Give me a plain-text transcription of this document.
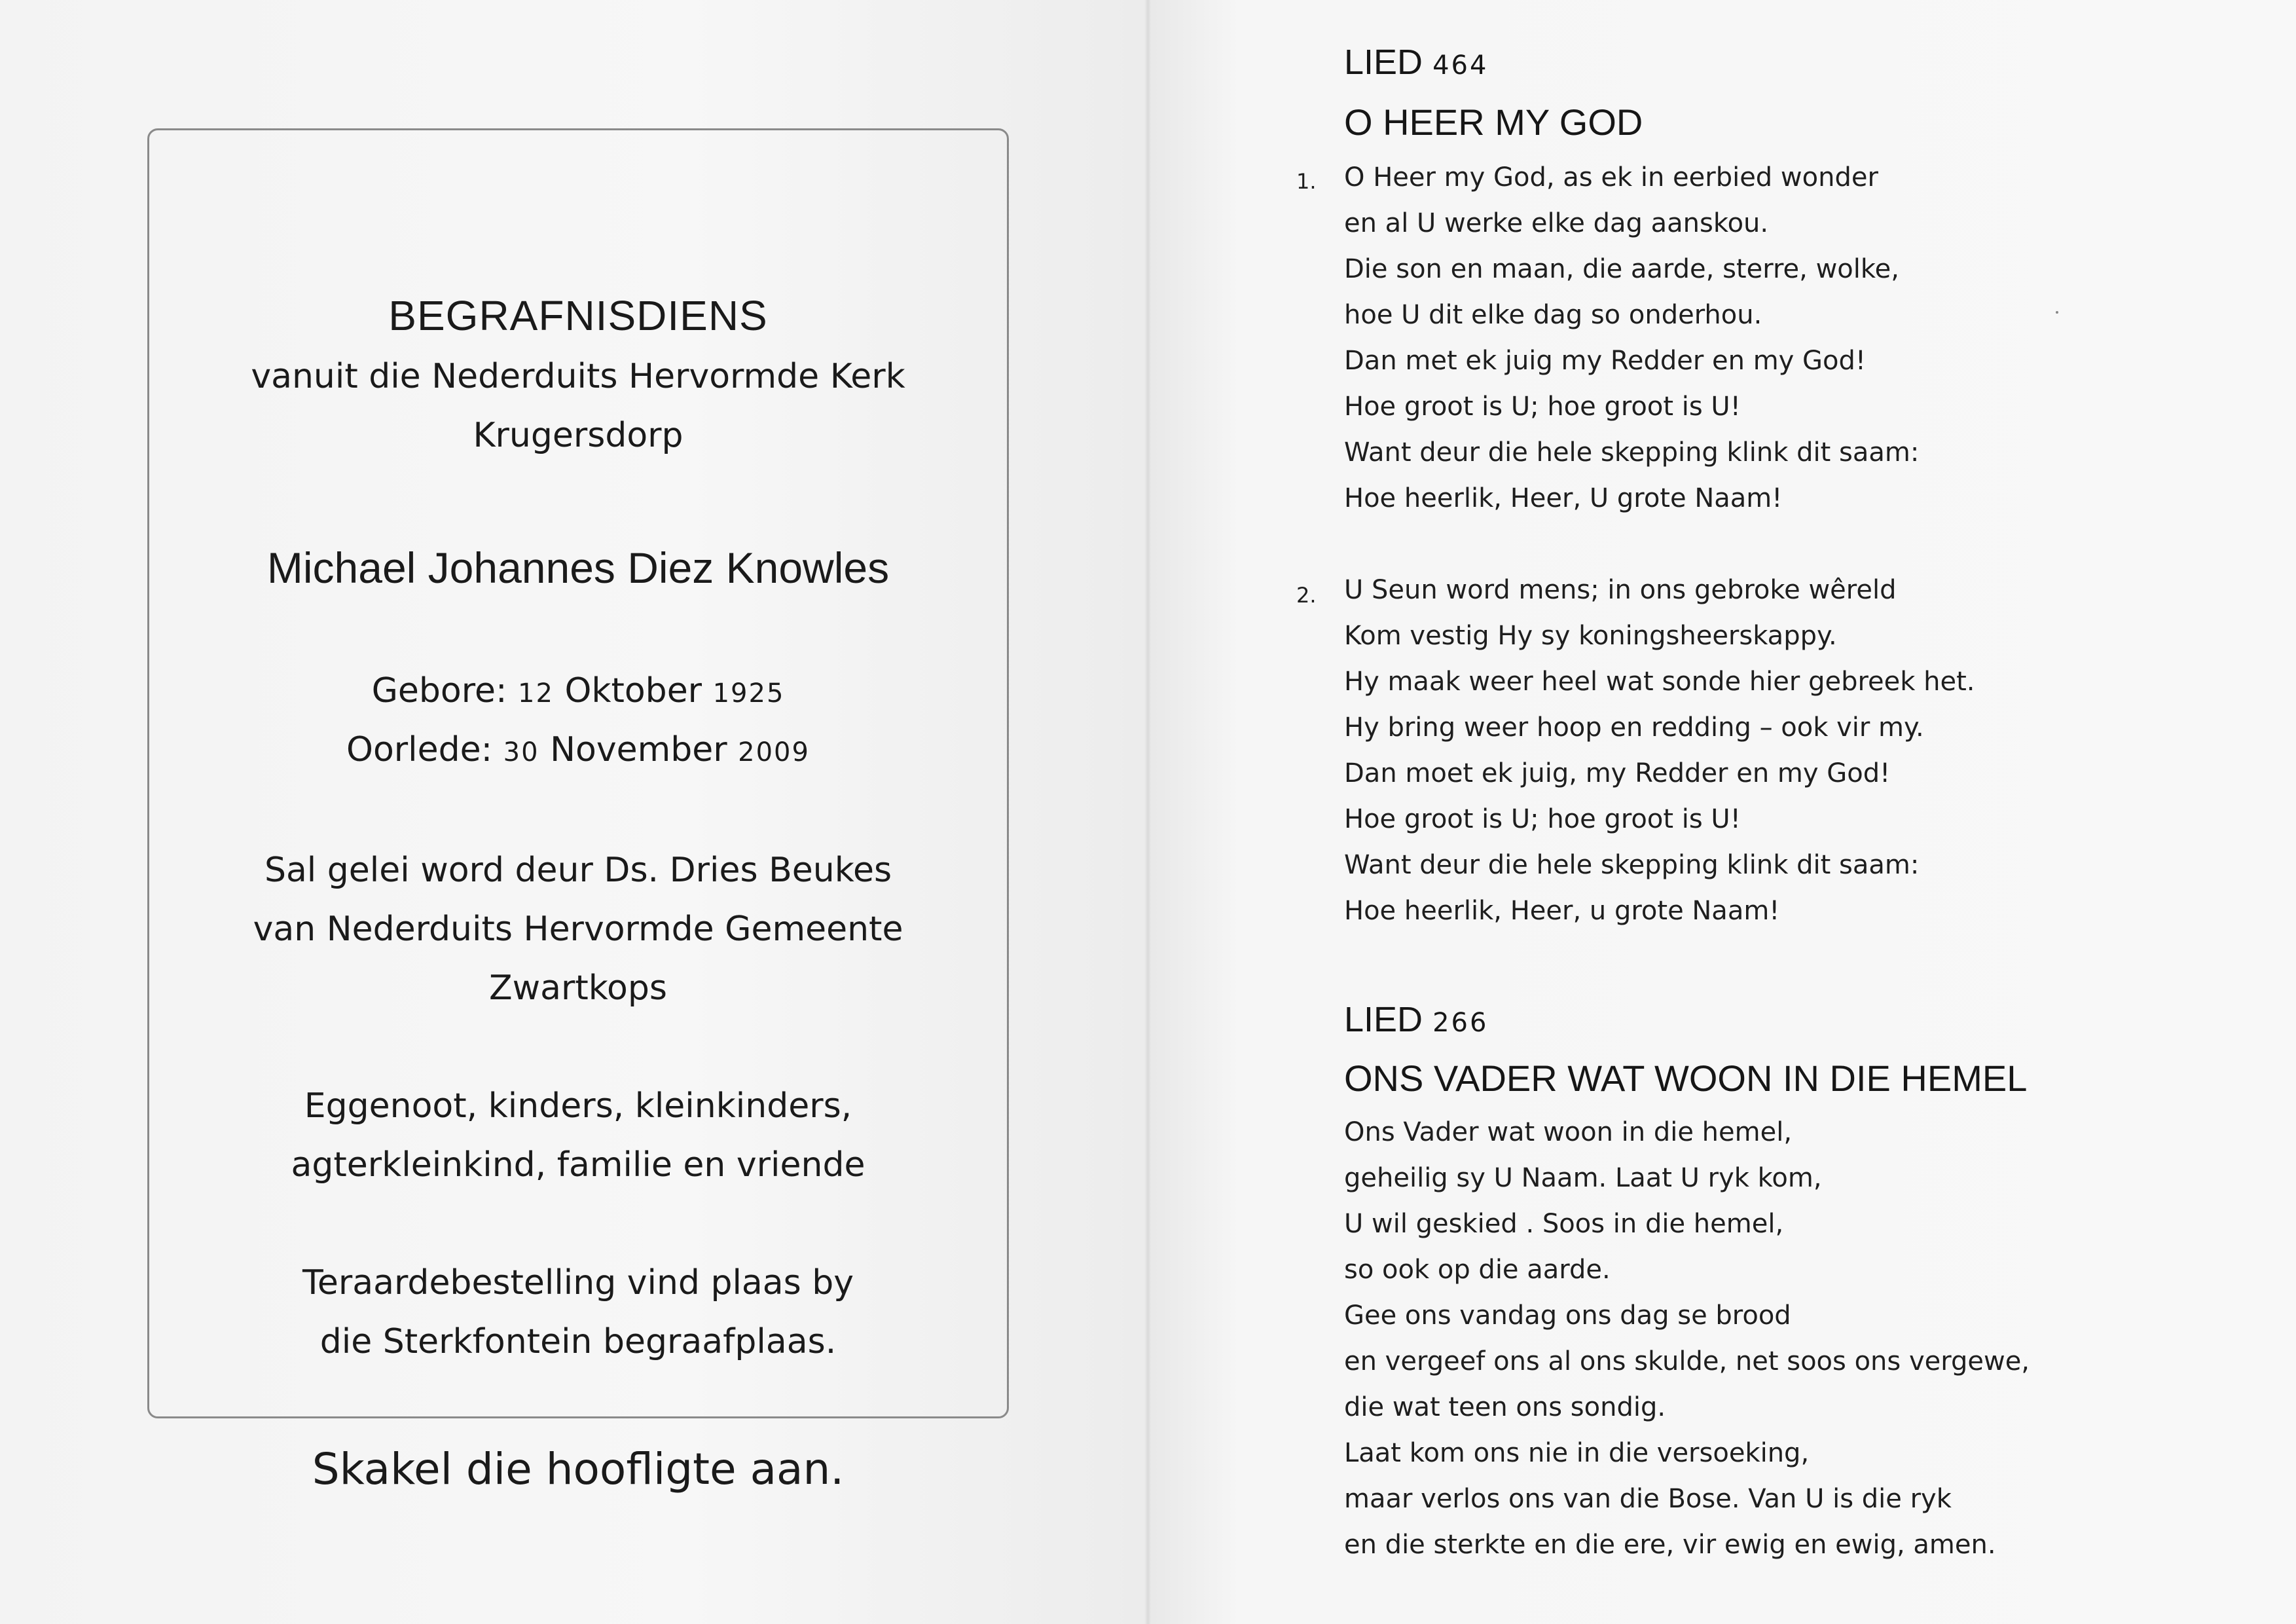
BEGRAFNISDIENS
vanuit die Nederduits Hervormde Kerk
Krugersdorp
Michael Johannes Diez Knowles
Gebore: 12 Oktober 1925
Oorlede: 30 November 2009
Sal gelei word deur Ds. Dries Beukes
van Nederduits Hervormde Gemeente
Zwartkops
Eggenoot, kinders, kleinkinders,
agterkleinkind, familie en vriende
Teraardebestelling vind plaas by
die Sterkfontein begraafplaas.
Skakel die hoofligte aan.
LIED 464
O HEER MY GOD
1. O Heer my God, as ek in eerbied wonder
en al U werke elke dag aanskou.
Die son en maan, die aarde, sterre, wolke,
hoe U dit elke dag so onderhou.
Dan met ek juig my Redder en my God!
Hoe groot is U; hoe groot is U!
Want deur die hele skepping klink dit saam:
Hoe heerlik, Heer, U grote Naam!
2. U Seun word mens; in ons gebroke wêreld
Kom vestig Hy sy koningsheerskappy.
Hy maak weer heel wat sonde hier gebreek het.
Hy bring weer hoop en redding – ook vir my.
Dan moet ek juig, my Redder en my God!
Hoe groot is U; hoe groot is U!
Want deur die hele skepping klink dit saam:
Hoe heerlik, Heer, u grote Naam!
LIED 266
ONS VADER WAT WOON IN DIE HEMEL
Ons Vader wat woon in die hemel,
geheilig sy U Naam. Laat U ryk kom,
U wil geskied . Soos in die hemel,
so ook op die aarde.
Gee ons vandag ons dag se brood
en vergeef ons al ons skulde, net soos ons vergewe,
die wat teen ons sondig.
Laat kom ons nie in die versoeking,
maar verlos ons van die Bose. Van U is die ryk
en die sterkte en die ere, vir ewig en ewig, amen.
